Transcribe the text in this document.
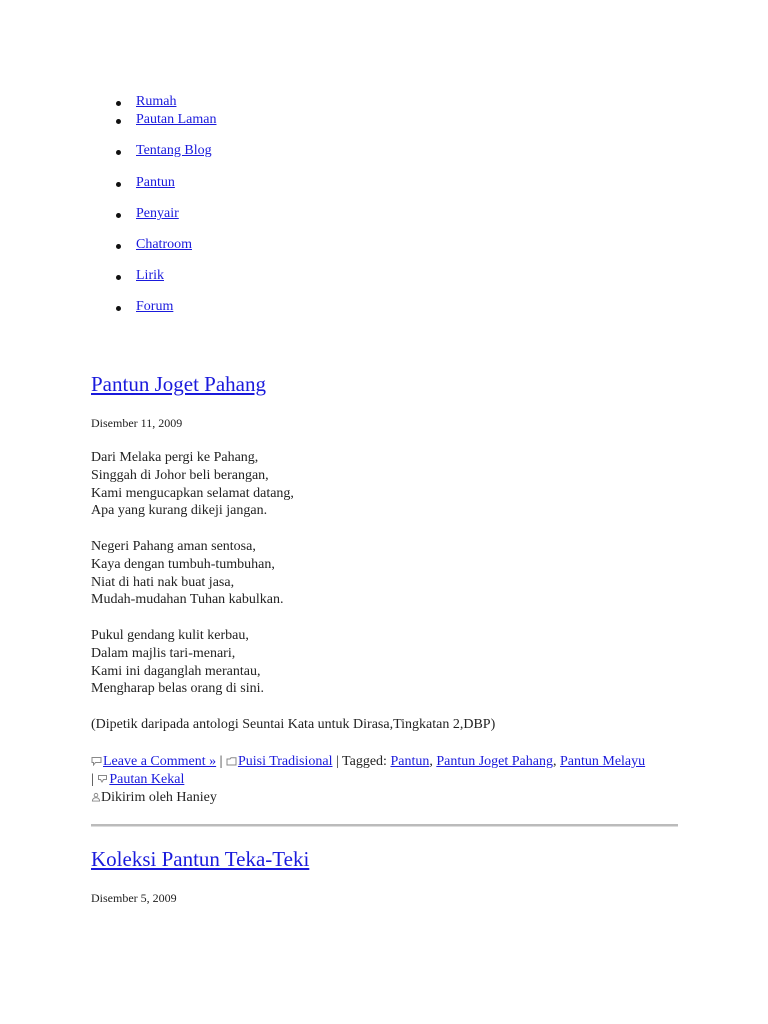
Rumah
Pautan Laman
Tentang Blog
Pantun
Penyair
Chatroom
Lirik
Forum
Pantun Joget Pahang
Disember 11, 2009
Dari Melaka pergi ke Pahang,
Singgah di Johor beli berangan,
Kami mengucapkan selamat datang,
Apa yang kurang dikeji jangan.
Negeri Pahang aman sentosa,
Kaya dengan tumbuh-tumbuhan,
Niat di hati nak buat jasa,
Mudah-mudahan Tuhan kabulkan.
Pukul gendang kulit kerbau,
Dalam majlis tari-menari,
Kami ini daganglah merantau,
Mengharap belas orang di sini.
(Dipetik daripada antologi Seuntai Kata untuk Dirasa,Tingkatan 2,DBP)
Leave a Comment » | Puisi Tradisional | Tagged: Pantun, Pantun Joget Pahang, Pantun Melayu | Pautan Kekal
Dikirim oleh Haniey
Koleksi Pantun Teka-Teki
Disember 5, 2009
